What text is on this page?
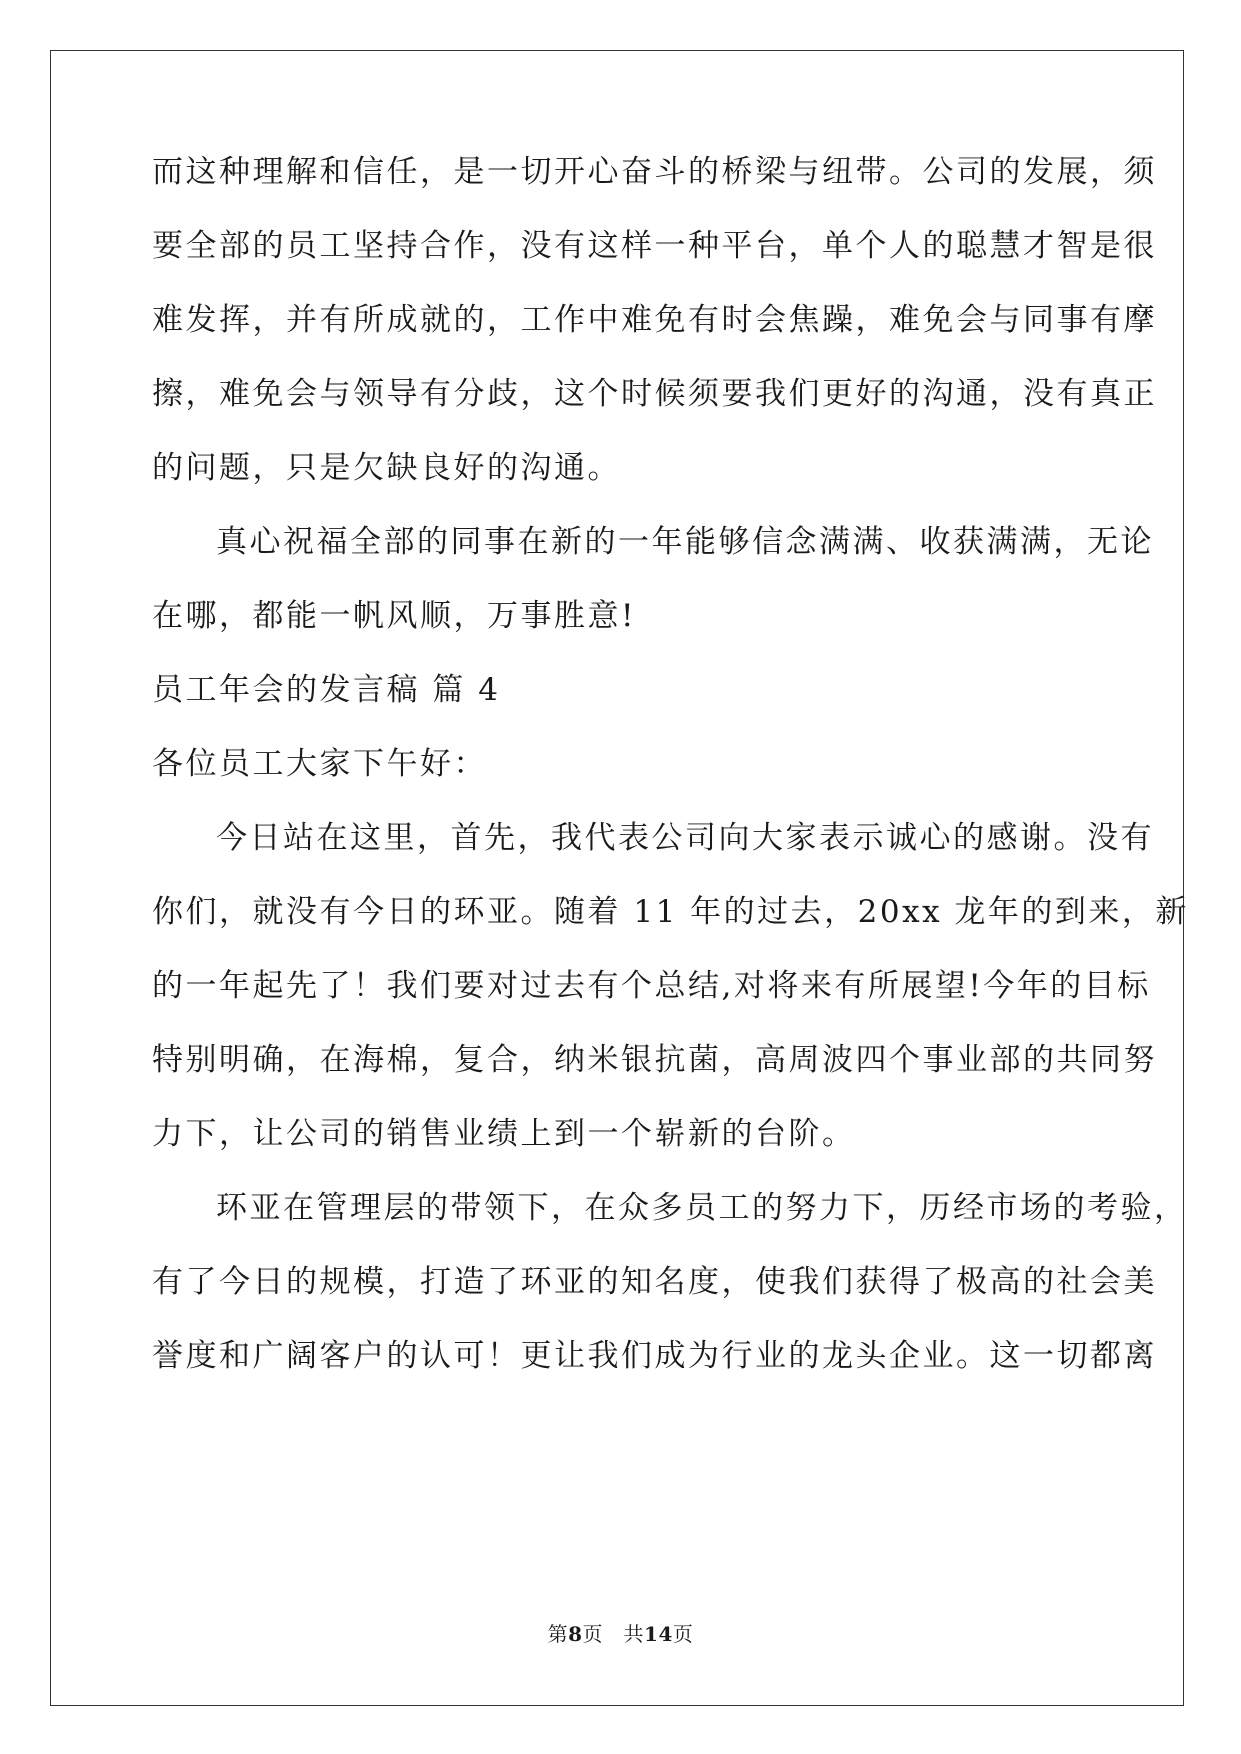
而这种理解和信任，是一切开心奋斗的桥梁与纽带。公司的发展，须
要全部的员工坚持合作，没有这样一种平台，单个人的聪慧才智是很
难发挥，并有所成就的，工作中难免有时会焦躁，难免会与同事有摩
擦，难免会与领导有分歧，这个时候须要我们更好的沟通，没有真正
的问题，只是欠缺良好的沟通。
真心祝福全部的同事在新的一年能够信念满满、收获满满，无论
在哪，都能一帆风顺，万事胜意!
员工年会的发言稿 篇 4
各位员工大家下午好：
今日站在这里，首先，我代表公司向大家表示诚心的感谢。没有
你们，就没有今日的环亚。随着 11 年的过去，20xx 龙年的到来，新
的一年起先了！我们要对过去有个总结,对将来有所展望!今年的目标
特别明确，在海棉，复合，纳米银抗菌，高周波四个事业部的共同努
力下，让公司的销售业绩上到一个崭新的台阶。
环亚在管理层的带领下，在众多员工的努力下，历经市场的考验，
有了今日的规模，打造了环亚的知名度，使我们获得了极高的社会美
誉度和广阔客户的认可！更让我们成为行业的龙头企业。这一切都离
第8页　共14页
